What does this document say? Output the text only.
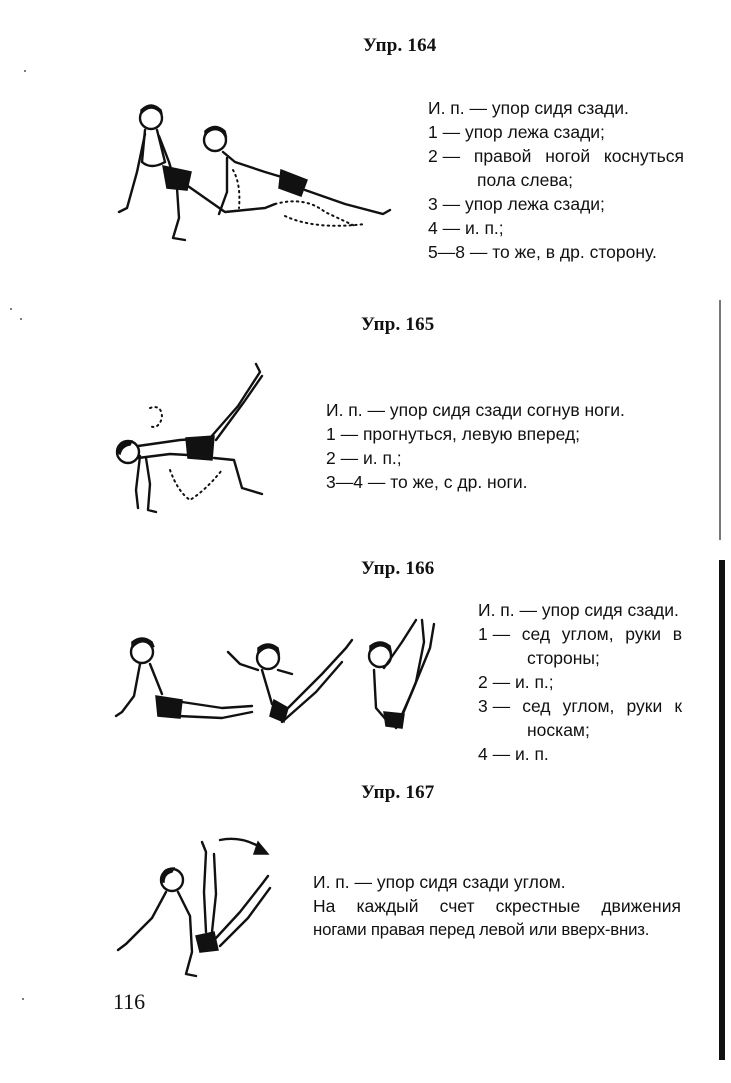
Упр. 164
И. п. — упор сидя сзади.
1 — упор лежа сзади;
2 — правой ногой коснуться
пола слева;
3 — упор лежа сзади;
4 — и. п.;
5—8 — то же, в др. сторону.
Упр. 165
И. п. — упор сидя сзади согнув ноги.
1 — прогнуться, левую вперед;
2 — и. п.;
3—4 — то же, с др. ноги.
Упр. 166
И. п. — упор сидя сзади.
1 — сед углом, руки в
стороны;
2 — и. п.;
3 — сед углом, руки к
носкам;
4 — и. п.
Упр. 167
И. п. — упор сидя сзади углом.
На каждый счет скрестные движения
ногами правая перед левой или вверх-вниз.
116
